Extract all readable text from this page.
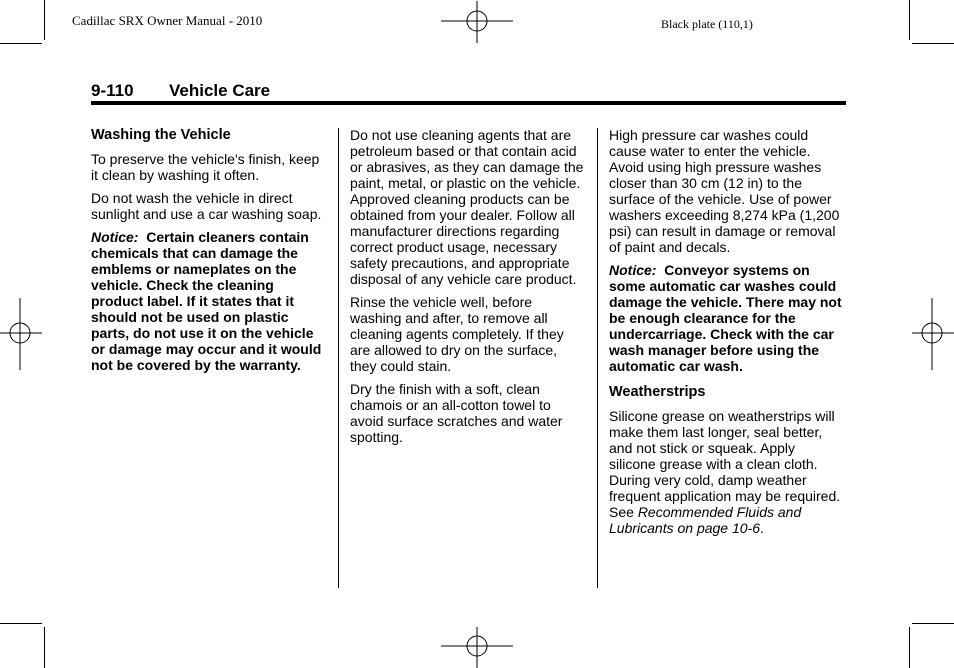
Cadillac SRX Owner Manual - 2010	Black plate (110,1)
9-110 Vehicle Care
Washing the Vehicle

To preserve the vehicle's finish, keep it clean by washing it often.

Do not wash the vehicle in direct sunlight and use a car washing soap.

Notice: Certain cleaners contain chemicals that can damage the emblems or nameplates on the vehicle. Check the cleaning product label. If it states that it should not be used on plastic parts, do not use it on the vehicle or damage may occur and it would not be covered by the warranty.

Do not use cleaning agents that are petroleum based or that contain acid or abrasives, as they can damage the paint, metal, or plastic on the vehicle. Approved cleaning products can be obtained from your dealer. Follow all manufacturer directions regarding correct product usage, necessary safety precautions, and appropriate disposal of any vehicle care product.

Rinse the vehicle well, before washing and after, to remove all cleaning agents completely. If they are allowed to dry on the surface, they could stain.

Dry the finish with a soft, clean chamois or an all-cotton towel to avoid surface scratches and water spotting.

High pressure car washes could cause water to enter the vehicle. Avoid using high pressure washes closer than 30 cm (12 in) to the surface of the vehicle. Use of power washers exceeding 8,274 kPa (1,200 psi) can result in damage or removal of paint and decals.

Notice: Conveyor systems on some automatic car washes could damage the vehicle. There may not be enough clearance for the undercarriage. Check with the car wash manager before using the automatic car wash.

Weatherstrips

Silicone grease on weatherstrips will make them last longer, seal better, and not stick or squeak. Apply silicone grease with a clean cloth. During very cold, damp weather frequent application may be required. See Recommended Fluids and Lubricants on page 10-6.
